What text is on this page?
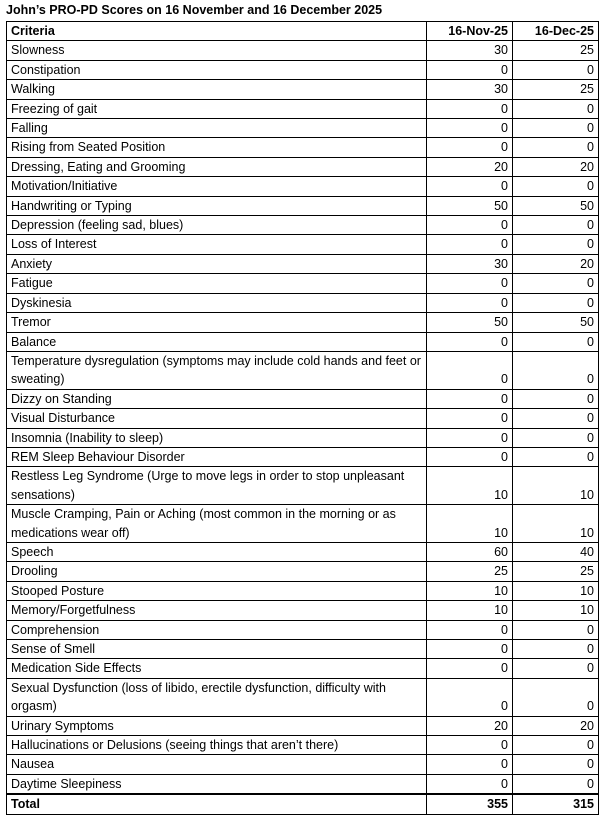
John’s PRO-PD Scores on 16 November and 16 December 2025
Criteria	16-Nov-25	16-Dec-25
Slowness	30	25
Constipation	0	0
Walking	30	25
Freezing of gait	0	0
Falling	0	0
Rising from Seated Position	0	0
Dressing, Eating and Grooming	20	20
Motivation/Initiative	0	0
Handwriting or Typing	50	50
Depression (feeling sad, blues)	0	0
Loss of Interest	0	0
Anxiety	30	20
Fatigue	0	0
Dyskinesia	0	0
Tremor	50	50
Balance	0	0
Temperature dysregulation (symptoms may include cold hands and feet or sweating)	0	0
Dizzy on Standing	0	0
Visual Disturbance	0	0
Insomnia (Inability to sleep)	0	0
REM Sleep Behaviour Disorder	0	0
Restless Leg Syndrome (Urge to move legs in order to stop unpleasant sensations)	10	10
Muscle Cramping, Pain or Aching (most common in the morning or as medications wear off)	10	10
Speech	60	40
Drooling	25	25
Stooped Posture	10	10
Memory/Forgetfulness	10	10
Comprehension	0	0
Sense of Smell	0	0
Medication Side Effects	0	0
Sexual Dysfunction (loss of libido, erectile dysfunction, difficulty with orgasm)	0	0
Urinary Symptoms	20	20
Hallucinations or Delusions (seeing things that aren’t there)	0	0
Nausea	0	0
Daytime Sleepiness	0	0
Total	355	315
